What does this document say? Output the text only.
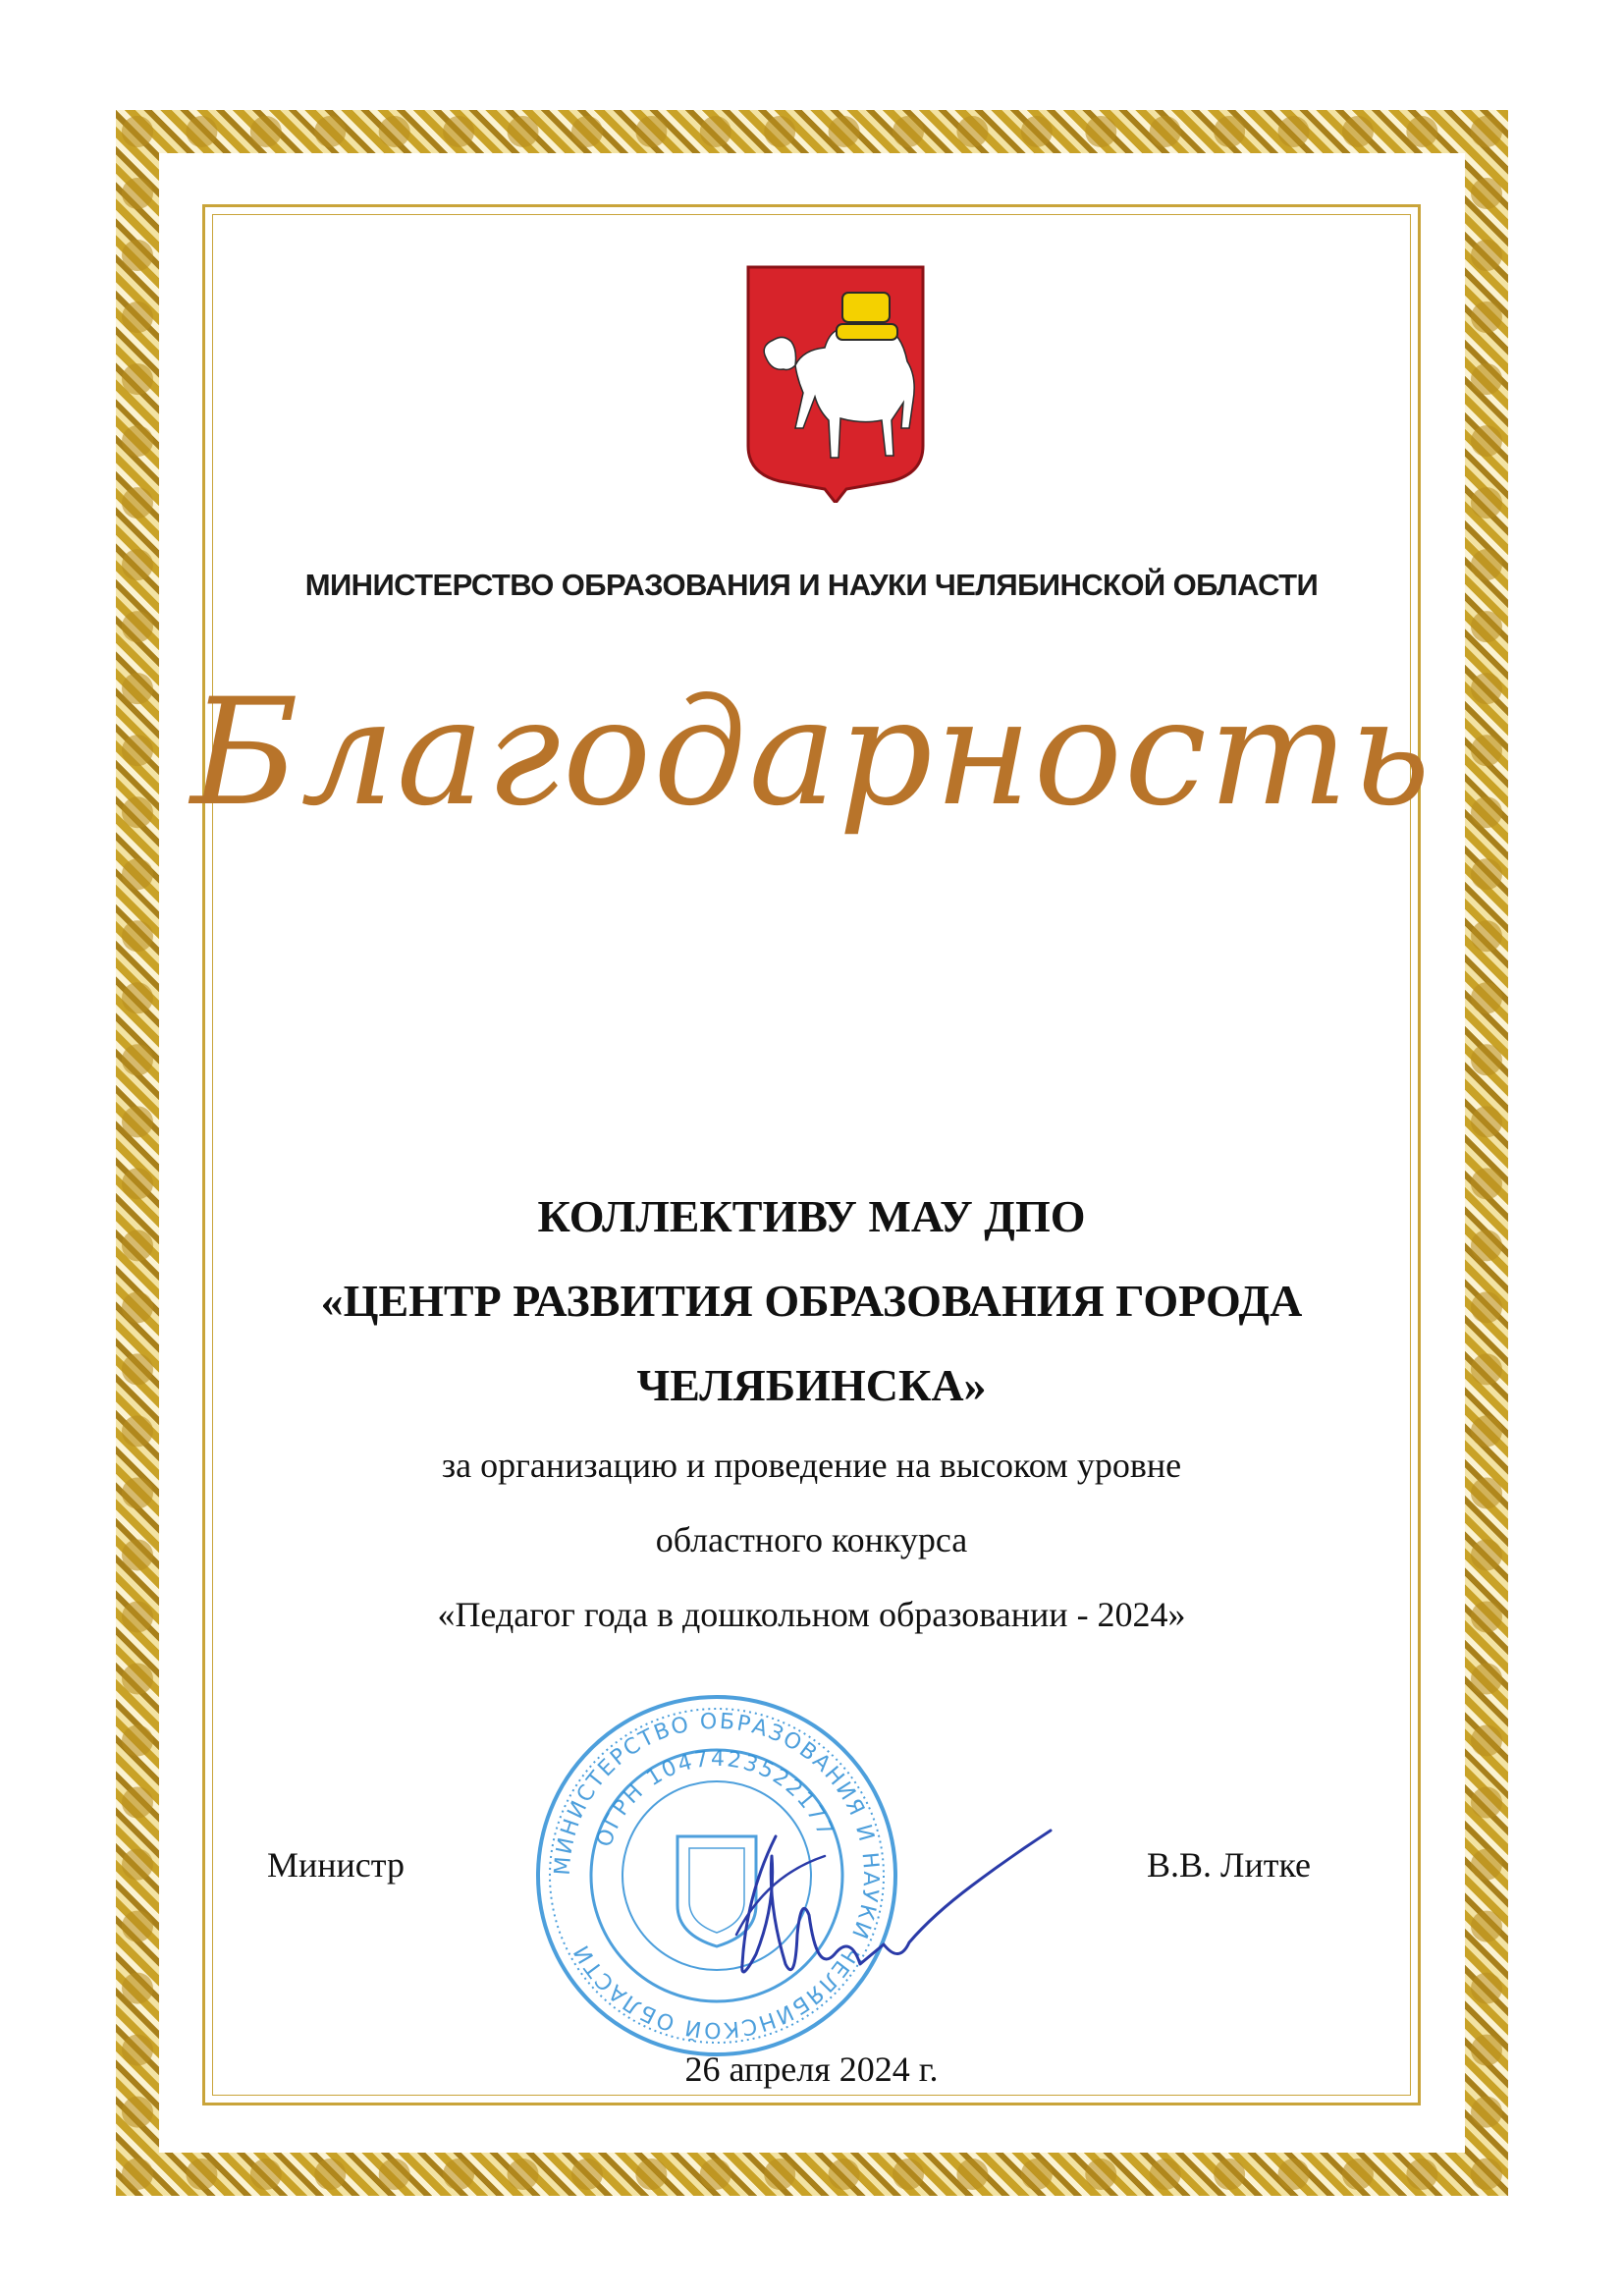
МИНИСТЕРСТВО ОБРАЗОВАНИЯ И НАУКИ ЧЕЛЯБИНСКОЙ ОБЛАСТИ
Благодарность
КОЛЛЕКТИВУ МАУ ДПО
«ЦЕНТР РАЗВИТИЯ ОБРАЗОВАНИЯ ГОРОДА
ЧЕЛЯБИНСКА»
за организацию и проведение на высоком уровне
областного конкурса
«Педагог года в дошкольном образовании - 2024»
МИНИСТЕРСТВО ОБРАЗОВАНИЯ И НАУКИ ЧЕЛЯБИНСКОЙ ОБЛАСТИ
ОГРН 1047423522177
Министр	В.В. Литке
26 апреля 2024 г.
